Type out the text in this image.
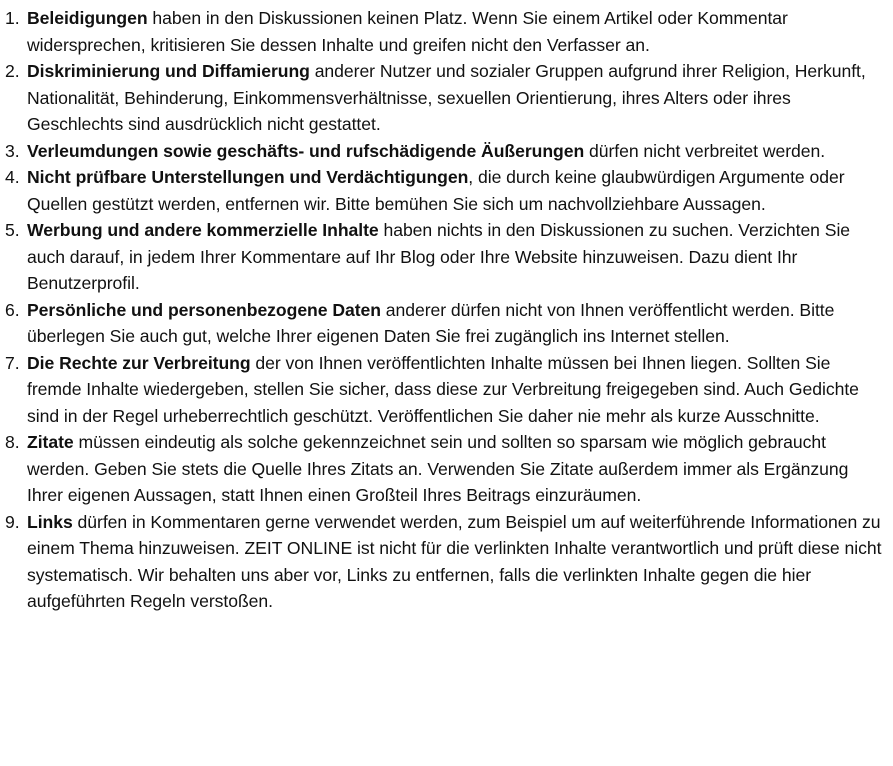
1. Beleidigungen haben in den Diskussionen keinen Platz. Wenn Sie einem Artikel oder Kommentar widersprechen, kritisieren Sie dessen Inhalte und greifen nicht den Verfasser an.
2. Diskriminierung und Diffamierung anderer Nutzer und sozialer Gruppen aufgrund ihrer Religion, Herkunft, Nationalität, Behinderung, Einkommensverhältnisse, sexuellen Orientierung, ihres Alters oder ihres Geschlechts sind ausdrücklich nicht gestattet.
3. Verleumdungen sowie geschäfts- und rufschädigende Äußerungen dürfen nicht verbreitet werden.
4. Nicht prüfbare Unterstellungen und Verdächtigungen, die durch keine glaubwürdigen Argumente oder Quellen gestützt werden, entfernen wir. Bitte bemühen Sie sich um nachvollziehbare Aussagen.
5. Werbung und andere kommerzielle Inhalte haben nichts in den Diskussionen zu suchen. Verzichten Sie auch darauf, in jedem Ihrer Kommentare auf Ihr Blog oder Ihre Website hinzuweisen. Dazu dient Ihr Benutzerprofil.
6. Persönliche und personenbezogene Daten anderer dürfen nicht von Ihnen veröffentlicht werden. Bitte überlegen Sie auch gut, welche Ihrer eigenen Daten Sie frei zugänglich ins Internet stellen.
7. Die Rechte zur Verbreitung der von Ihnen veröffentlichten Inhalte müssen bei Ihnen liegen. Sollten Sie fremde Inhalte wiedergeben, stellen Sie sicher, dass diese zur Verbreitung freigegeben sind. Auch Gedichte sind in der Regel urheberrechtlich geschützt. Veröffentlichen Sie daher nie mehr als kurze Ausschnitte.
8. Zitate müssen eindeutig als solche gekennzeichnet sein und sollten so sparsam wie möglich gebraucht werden. Geben Sie stets die Quelle Ihres Zitats an. Verwenden Sie Zitate außerdem immer als Ergänzung Ihrer eigenen Aussagen, statt Ihnen einen Großteil Ihres Beitrags einzuräumen.
9. Links dürfen in Kommentaren gerne verwendet werden, zum Beispiel um auf weiterführende Informationen zu einem Thema hinzuweisen. ZEIT ONLINE ist nicht für die verlinkten Inhalte verantwortlich und prüft diese nicht systematisch. Wir behalten uns aber vor, Links zu entfernen, falls die verlinkten Inhalte gegen die hier aufgeführten Regeln verstoßen.
